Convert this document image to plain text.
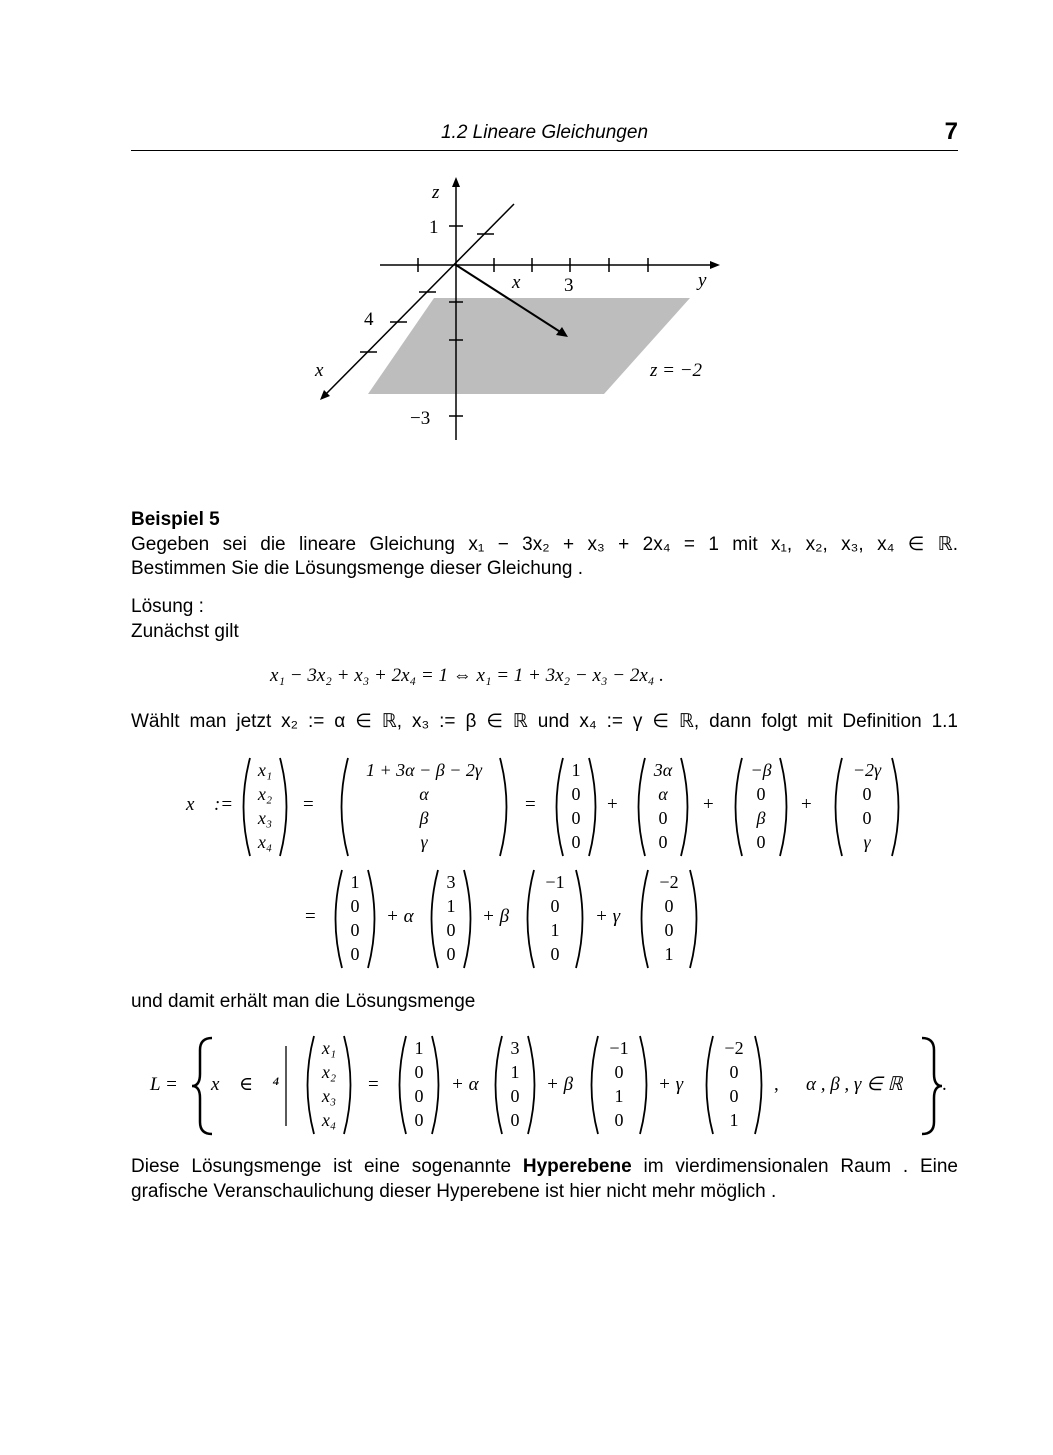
1.2 Lineare Gleichungen	7
z
y
x
1
3
4
−3
x⃗
z = −2
Beispiel 5
Gegeben sei die lineare Gleichung x₁ − 3x₂ + x₃ + 2x₄ = 1 mit x₁, x₂, x₃, x₄ ∈ ℝ.
Bestimmen Sie die Lösungsmenge dieser Gleichung .
Lösung :
Zunächst gilt
x₁ − 3x₂ + x₃ + 2x₄ = 1 ⇔ x₁ = 1 + 3x₂ − x₃ − 2x₄ .
Wählt man jetzt x₂ := α ∈ ℝ, x₃ := β ∈ ℝ und x₄ := γ ∈ ℝ, dann folgt mit Definition 1.1
x⃗ :=
x₁
x₂
x₃
x₄
=
1 + 3α − β − 2γ
α
β
γ
=
1
0
0
0
+
3α
α
0
0
+
−β
0
β
0
+
−2γ
0
0
γ
=
1
0
0
0
+ α
3
1
0
0
+ β
−1
0
1
0
+ γ
−2
0
0
1
L = x⃗ ∈ ℝ⁴
x₁
x₂
x₃
x₄
=
1
0
0
0
+ α
3
1
0
0
+ β
−1
0
1
0
+ γ
−2
0
0
1
, α , β , γ ∈ ℝ .
und damit erhält man die Lösungsmenge
Diese Lösungsmenge ist eine sogenannte Hyperebene im vierdimensionalen Raum . Eine
grafische Veranschaulichung dieser Hyperebene ist hier nicht mehr möglich .
